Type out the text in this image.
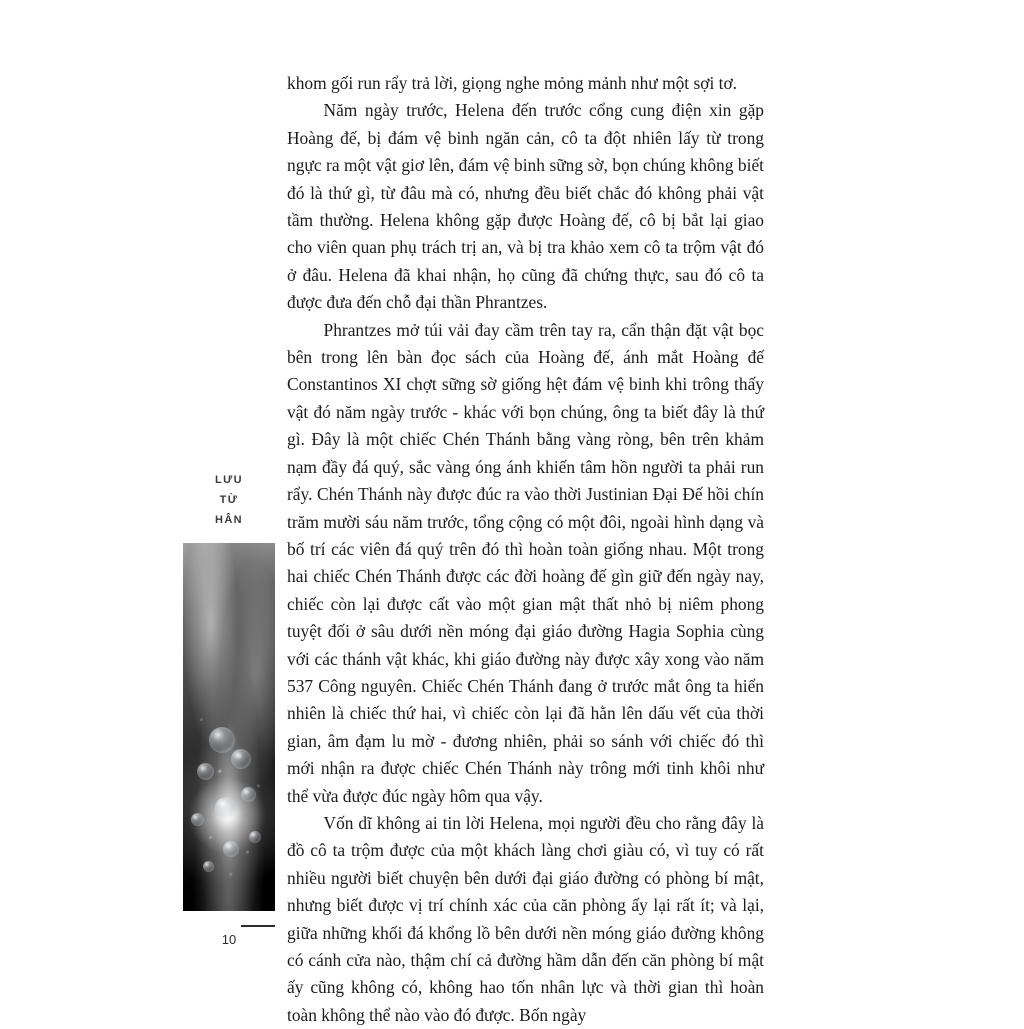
LƯU
TỪ
HÂN
10

khom gối run rẩy trả lời, giọng nghe mỏng mảnh như một sợi tơ.

Năm ngày trước, Helena đến trước cổng cung điện xin gặp Hoàng đế, bị đám vệ binh ngăn cản, cô ta đột nhiên lấy từ trong ngực ra một vật giơ lên, đám vệ binh sững sờ, bọn chúng không biết đó là thứ gì, từ đâu mà có, nhưng đều biết chắc đó không phải vật tầm thường. Helena không gặp được Hoàng đế, cô bị bắt lại giao cho viên quan phụ trách trị an, và bị tra khảo xem cô ta trộm vật đó ở đâu. Helena đã khai nhận, họ cũng đã chứng thực, sau đó cô ta được đưa đến chỗ đại thần Phrantzes.

Phrantzes mở túi vải đay cầm trên tay ra, cẩn thận đặt vật bọc bên trong lên bàn đọc sách của Hoàng đế, ánh mắt Hoàng đế Constantinos XI chợt sững sờ giống hệt đám vệ binh khi trông thấy vật đó năm ngày trước - khác với bọn chúng, ông ta biết đây là thứ gì. Đây là một chiếc Chén Thánh bằng vàng ròng, bên trên khảm nạm đầy đá quý, sắc vàng óng ánh khiến tâm hồn người ta phải run rẩy. Chén Thánh này được đúc ra vào thời Justinian Đại Đế hồi chín trăm mười sáu năm trước, tổng cộng có một đôi, ngoài hình dạng và bố trí các viên đá quý trên đó thì hoàn toàn giống nhau. Một trong hai chiếc Chén Thánh được các đời hoàng đế gìn giữ đến ngày nay, chiếc còn lại được cất vào một gian mật thất nhỏ bị niêm phong tuyệt đối ở sâu dưới nền móng đại giáo đường Hagia Sophia cùng với các thánh vật khác, khi giáo đường này được xây xong vào năm 537 Công nguyên. Chiếc Chén Thánh đang ở trước mắt ông ta hiển nhiên là chiếc thứ hai, vì chiếc còn lại đã hằn lên dấu vết của thời gian, âm đạm lu mờ - đương nhiên, phải so sánh với chiếc đó thì mới nhận ra được chiếc Chén Thánh này trông mới tinh khôi như thể vừa được đúc ngày hôm qua vậy.

Vốn dĩ không ai tin lời Helena, mọi người đều cho rằng đây là đồ cô ta trộm được của một khách làng chơi giàu có, vì tuy có rất nhiều người biết chuyện bên dưới đại giáo đường có phòng bí mật, nhưng biết được vị trí chính xác của căn phòng ấy lại rất ít; và lại, giữa những khối đá khổng lồ bên dưới nền móng giáo đường không có cánh cửa nào, thậm chí cả đường hầm dẫn đến căn phòng bí mật ấy cũng không có, không hao tốn nhân lực và thời gian thì hoàn toàn không thể nào vào đó được. Bốn ngày
